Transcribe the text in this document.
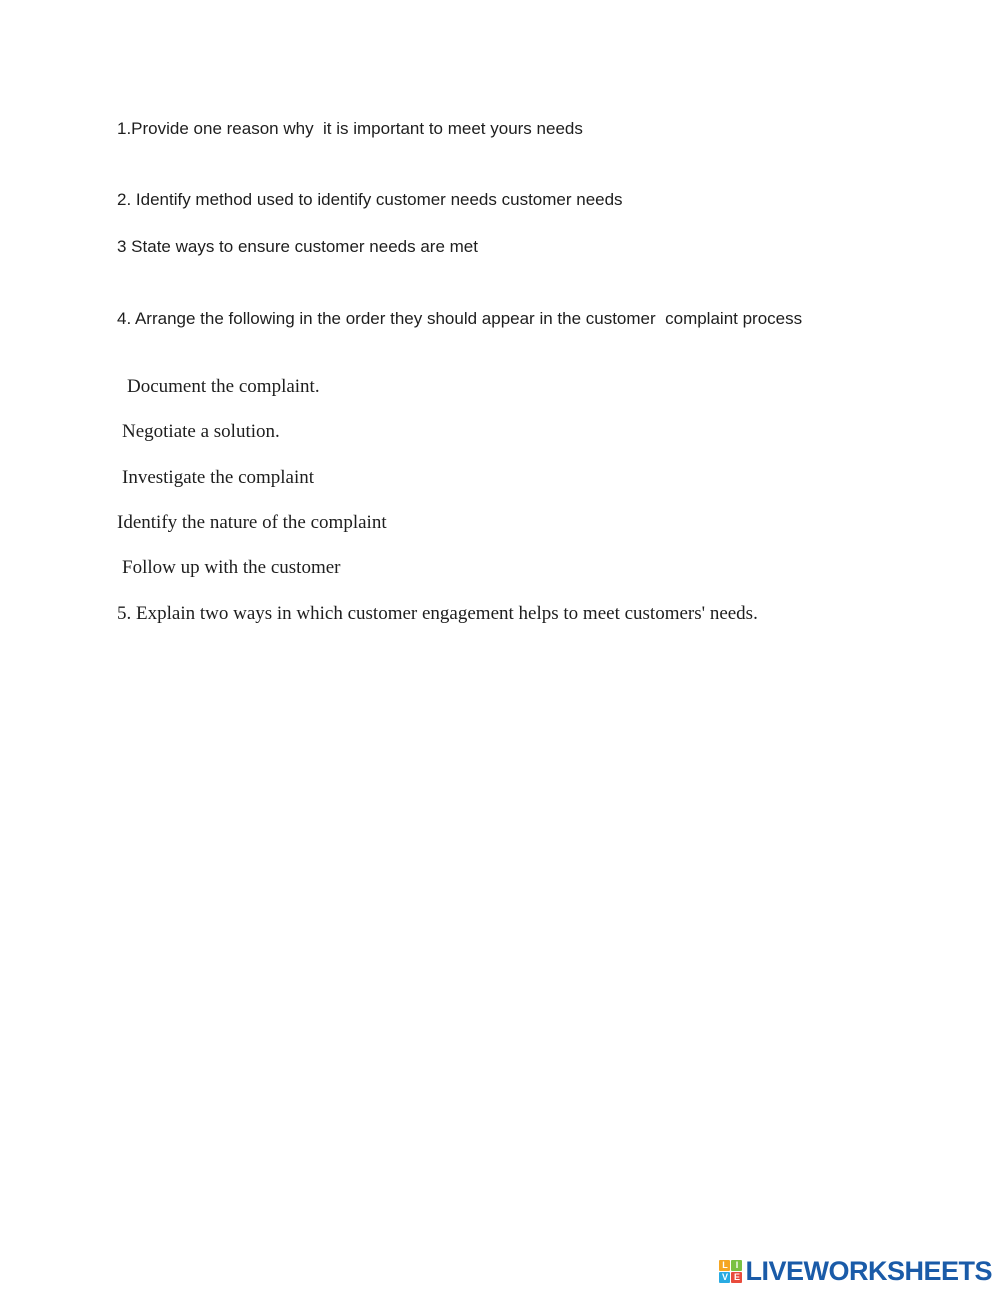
1.Provide one reason why  it is important to meet yours needs

2. Identify method used to identify customer needs customer needs

3 State ways to ensure customer needs are met

4. Arrange the following in the order they should appear in the customer  complaint process

Document the complaint.

Negotiate a solution.

Investigate the complaint

Identify the nature of the complaint

Follow up with the customer

5. Explain two ways in which customer engagement helps to meet customers' needs.

L I
V E LIVEWORKSHEETS
